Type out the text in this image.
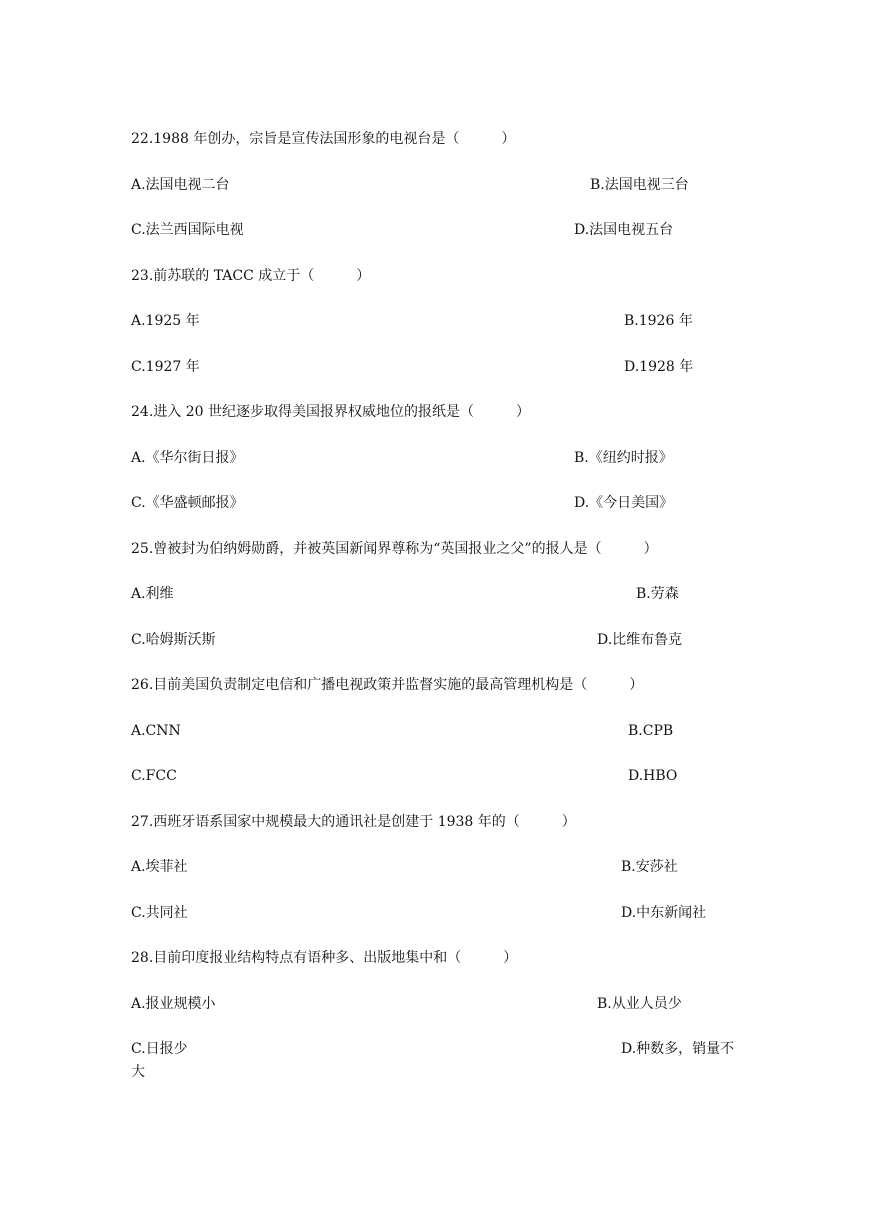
22.1988 年创办，宗旨是宣传法国形象的电视台是（　　　）
A.法国电视二台	B.法国电视三台
C.法兰西国际电视	D.法国电视五台
23.前苏联的 TACC 成立于（　　　）
A.1925 年	B.1926 年
C.1927 年	D.1928 年
24.进入 20 世纪逐步取得美国报界权威地位的报纸是（　　　）
A.《华尔街日报》	B.《纽约时报》
C.《华盛顿邮报》	D.《今日美国》
25.曾被封为伯纳姆勋爵，并被英国新闻界尊称为“英国报业之父”的报人是（　　　）
A.利维	B.劳森
C.哈姆斯沃斯	D.比维布鲁克
26.目前美国负责制定电信和广播电视政策并监督实施的最高管理机构是（　　　）
A.CNN	B.CPB
C.FCC	D.HBO
27.西班牙语系国家中规模最大的通讯社是创建于 1938 年的（　　　）
A.埃菲社	B.安莎社
C.共同社	D.中东新闻社
28.目前印度报业结构特点有语种多、出版地集中和（　　　）
A.报业规模小	B.从业人员少
C.日报少	D.种数多，销量不
大
